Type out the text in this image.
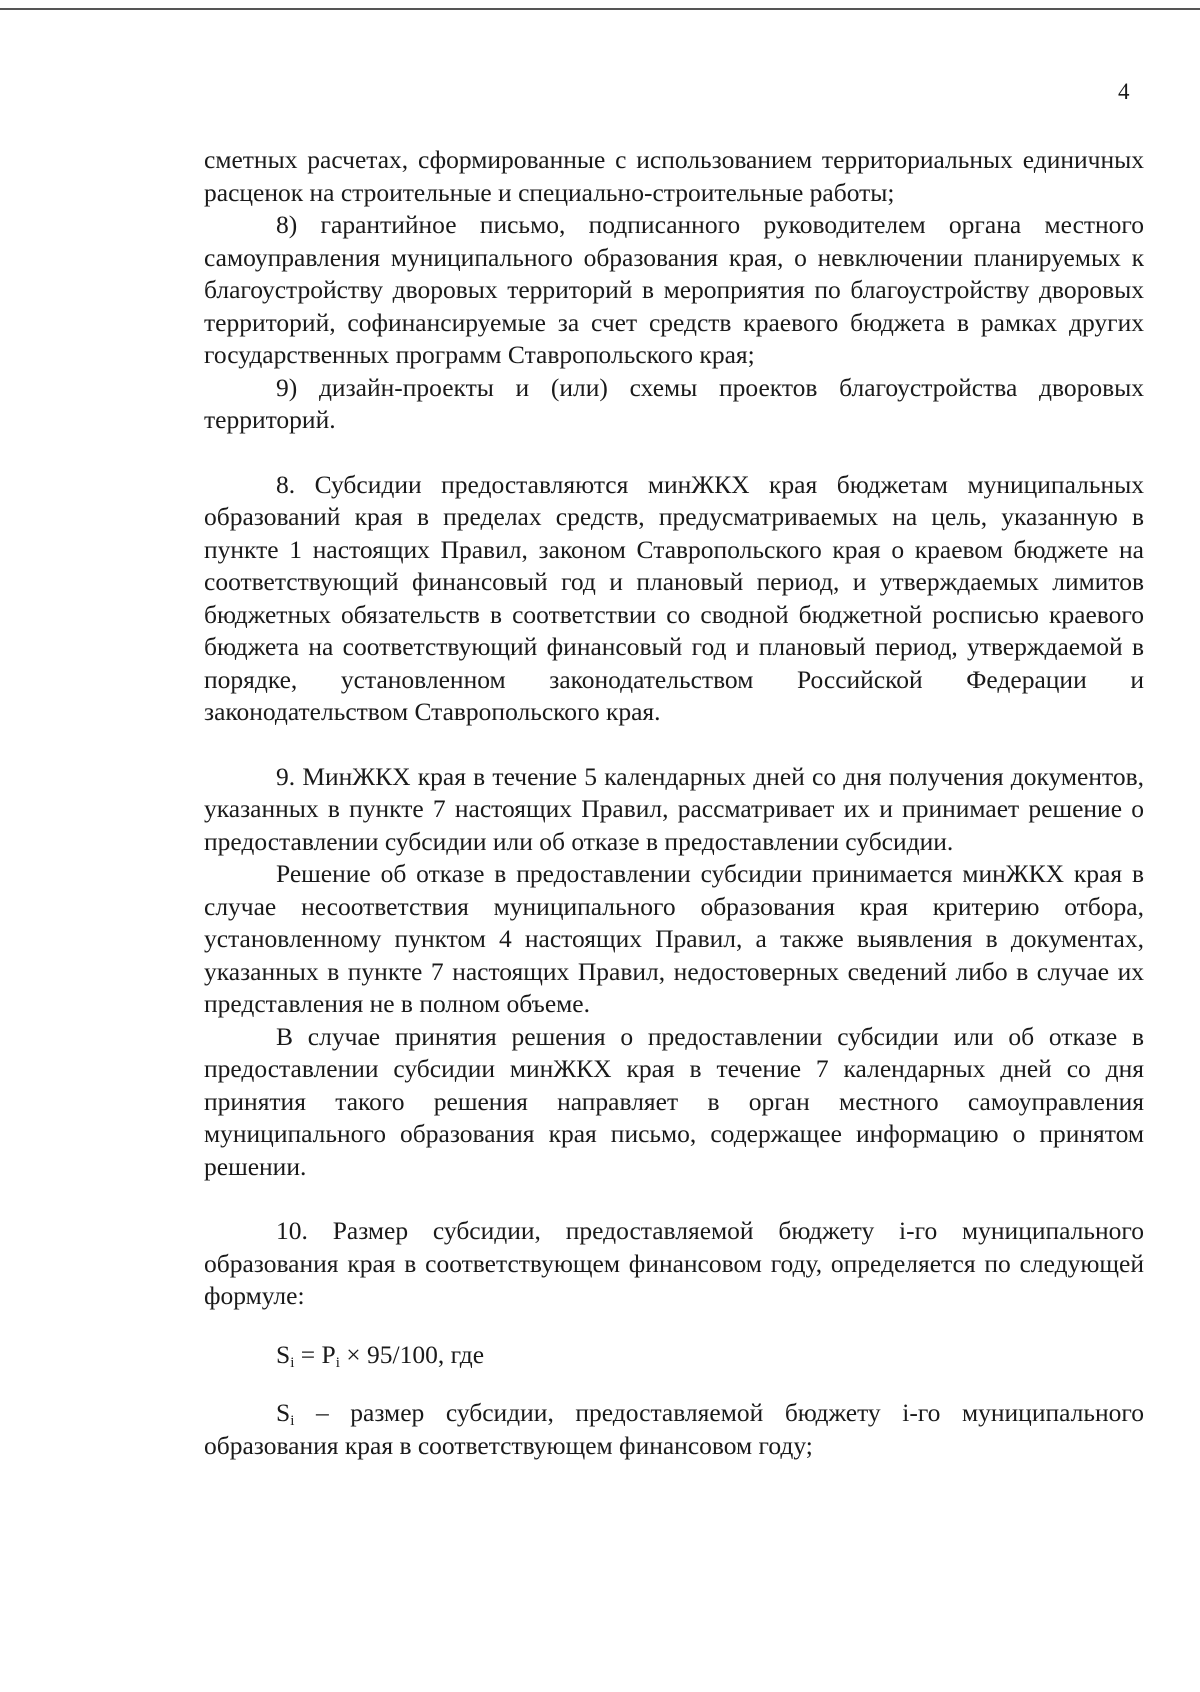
4

сметных расчетах, сформированные с использованием территориальных единичных расценок на строительные и специально-строительные работы;

8) гарантийное письмо, подписанного руководителем органа местного самоуправления муниципального образования края, о невключении планируемых к благоустройству дворовых территорий в мероприятия по благоустройству дворовых территорий, софинансируемые за счет средств краевого бюджета в рамках других государственных программ Ставропольского края;

9) дизайн-проекты и (или) схемы проектов благоустройства дворовых территорий.

8. Субсидии предоставляются минЖКХ края бюджетам муниципальных образований края в пределах средств, предусматриваемых на цель, указанную в пункте 1 настоящих Правил, законом Ставропольского края о краевом бюджете на соответствующий финансовый год и плановый период, и утверждаемых лимитов бюджетных обязательств в соответствии со сводной бюджетной росписью краевого бюджета на соответствующий финансовый год и плановый период, утверждаемой в порядке, установленном законодательством Российской Федерации и законодательством Ставропольского края.

9. МинЖКХ края в течение 5 календарных дней со дня получения документов, указанных в пункте 7 настоящих Правил, рассматривает их и принимает решение о предоставлении субсидии или об отказе в предоставлении субсидии.

Решение об отказе в предоставлении субсидии принимается минЖКХ края в случае несоответствия муниципального образования края критерию отбора, установленному пунктом 4 настоящих Правил, а также выявления в документах, указанных в пункте 7 настоящих Правил, недостоверных сведений либо в случае их представления не в полном объеме.

В случае принятия решения о предоставлении субсидии или об отказе в предоставлении субсидии минЖКХ края в течение 7 календарных дней со дня принятия такого решения направляет в орган местного самоуправления муниципального образования края письмо, содержащее информацию о принятом решении.

10. Размер субсидии, предоставляемой бюджету i-го муниципального образования края в соответствующем финансовом году, определяется по следующей формуле:

$S_i = P_i \times 95/100$, где

$S_i$ – размер субсидии, предоставляемой бюджету i-го муниципального образования края в соответствующем финансовом году;
